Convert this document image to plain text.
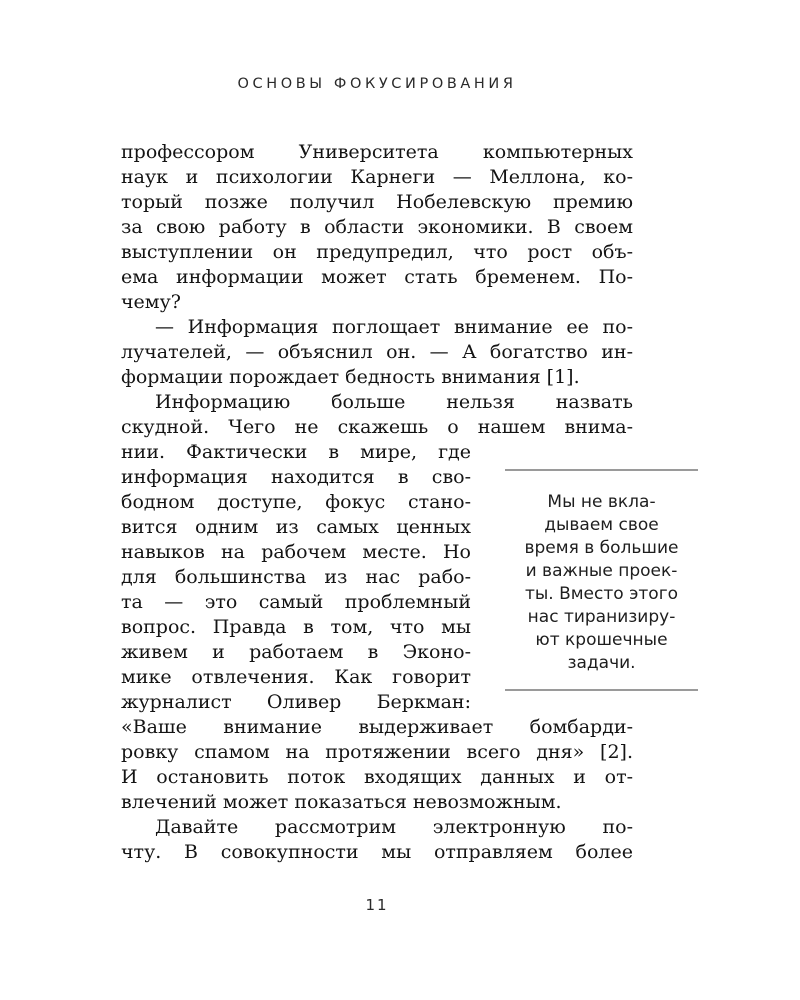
ОСНОВЫ ФОКУСИРОВАНИЯ
профессором Университета компьютерных
наук и психологии Карнеги — Меллона, ко-
торый позже получил Нобелевскую премию
за свою работу в области экономики. В своем
выступлении он предупредил, что рост объ-
ема информации может стать бременем. По-
чему?
— Информация поглощает внимание ее по-
лучателей, — объяснил он. — А богатство ин-
формации порождает бедность внимания [1].
Информацию больше нельзя назвать
скудной. Чего не скажешь о нашем внима-
нии. Фактически в мире, где
информация находится в сво-
бодном доступе, фокус стано-
вится одним из самых ценных
навыков на рабочем месте. Но
для большинства из нас рабо-
та — это самый проблемный
вопрос. Правда в том, что мы
живем и работаем в Эконо-
мике отвлечения. Как говорит
журналист Оливер Беркман:
«Ваше внимание выдерживает бомбарди-
ровку спамом на протяжении всего дня» [2].
И остановить поток входящих данных и от-
влечений может показаться невозможным.
Давайте рассмотрим электронную по-
чту. В совокупности мы отправляем более
Мы не вкла-
дываем свое
время в большие
и важные проек-
ты. Вместо этого
нас тиранизиру-
ют крошечные
задачи.
11
